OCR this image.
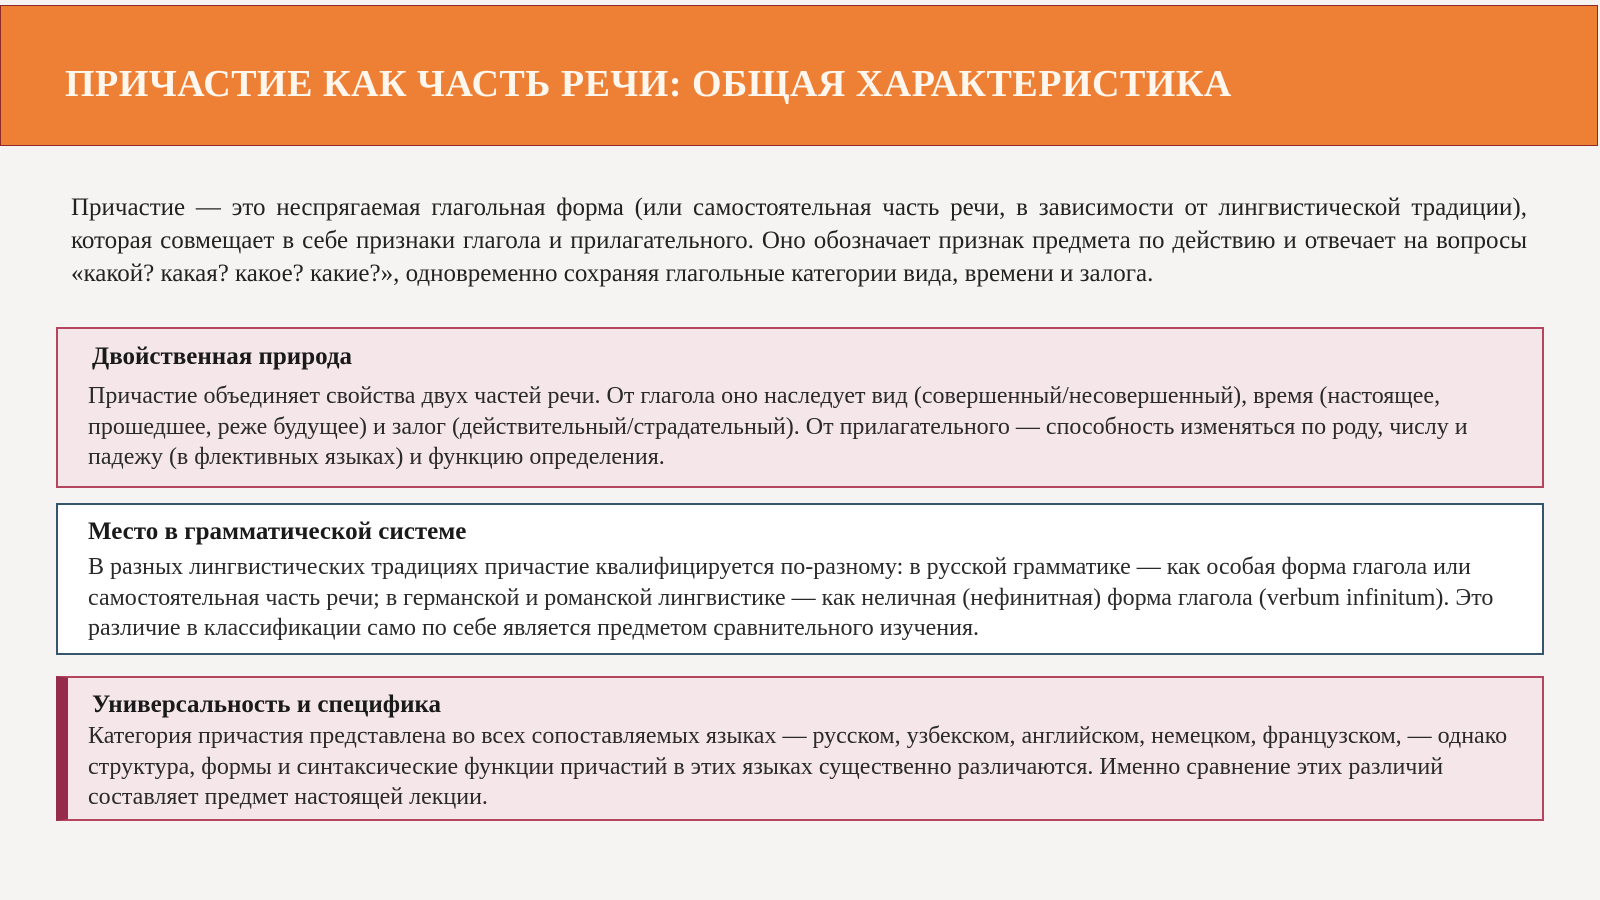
ПРИЧАСТИЕ КАК ЧАСТЬ РЕЧИ: ОБЩАЯ ХАРАКТЕРИСТИКА

Причастие — это неспрягаемая глагольная форма (или самостоятельная часть речи, в зависимости от лингвистической традиции), которая совмещает в себе признаки глагола и прилагательного. Оно обозначает признак предмета по действию и отвечает на вопросы «какой? какая? какое? какие?», одновременно сохраняя глагольные категории вида, времени и залога.

Двойственная природа

Причастие объединяет свойства двух частей речи. От глагола оно наследует вид (совершенный/несовершенный), время (настоящее, прошедшее, реже будущее) и залог (действительный/страдательный). От прилагательного — способность изменяться по роду, числу и падежу (в флективных языках) и функцию определения.

Место в грамматической системе

В разных лингвистических традициях причастие квалифицируется по-разному: в русской грамматике — как особая форма глагола или самостоятельная часть речи; в германской и романской лингвистике — как неличная (нефинитная) форма глагола (verbum infinitum). Это различие в классификации само по себе является предметом сравнительного изучения.

Универсальность и специфика

Категория причастия представлена во всех сопоставляемых языках — русском, узбекском, английском, немецком, французском, — однако структура, формы и синтаксические функции причастий в этих языках существенно различаются. Именно сравнение этих различий составляет предмет настоящей лекции.
